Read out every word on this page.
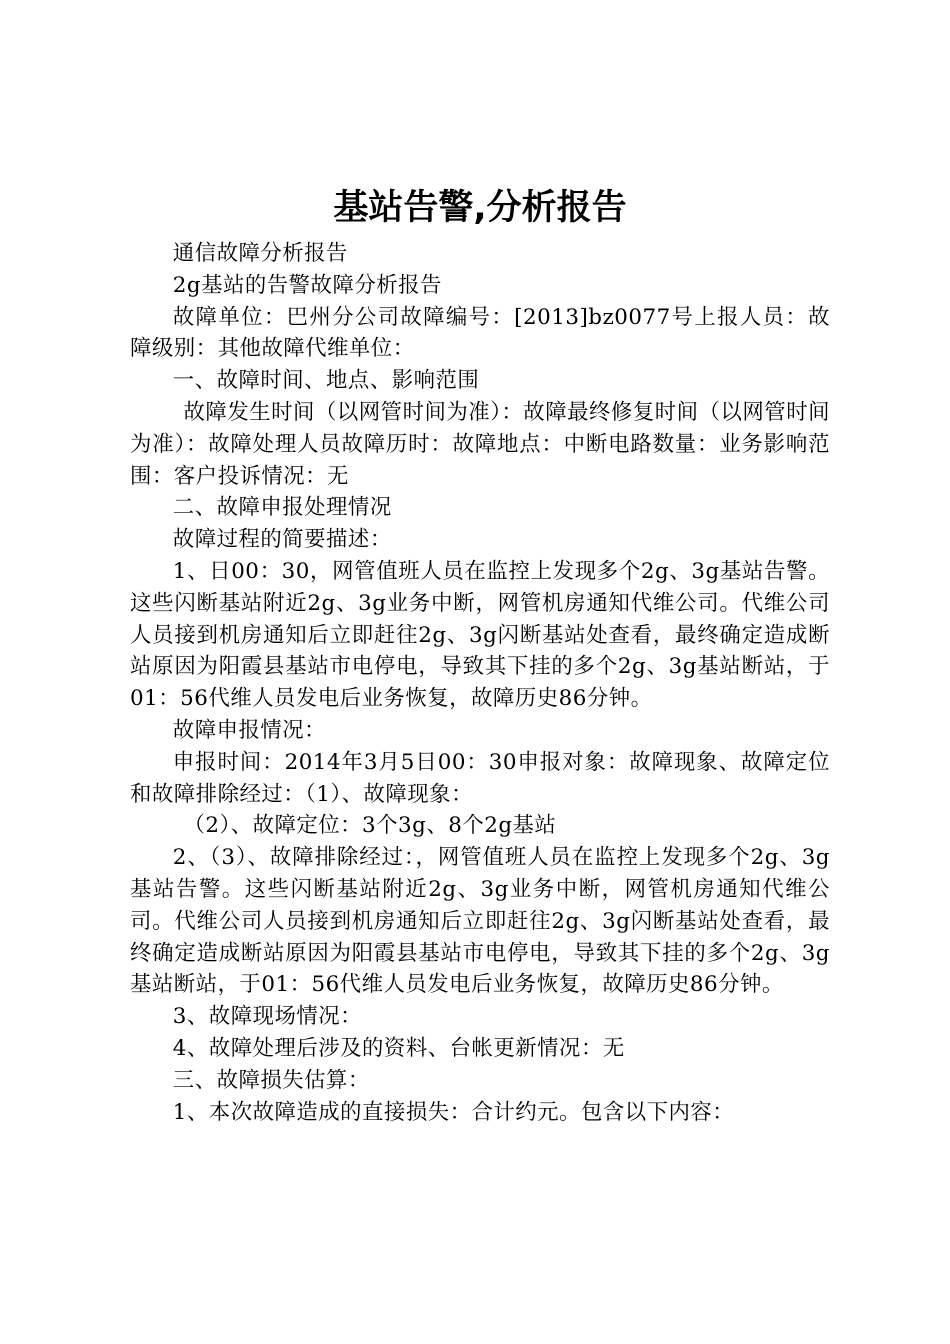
基站告警,分析报告

通信故障分析报告

2g基站的告警故障分析报告

故障单位：巴州分公司故障编号：[2013]bz0077号上报人员：故障级别：其他故障代维单位：

一、故障时间、地点、影响范围

故障发生时间（以网管时间为准）：故障最终修复时间（以网管时间为准）：故障处理人员故障历时：故障地点：中断电路数量：业务影响范围：客户投诉情况：无

二、故障申报处理情况

故障过程的简要描述：

1、日00：30，网管值班人员在监控上发现多个2g、3g基站告警。这些闪断基站附近2g、3g业务中断，网管机房通知代维公司。代维公司人员接到机房通知后立即赶往2g、3g闪断基站处查看，最终确定造成断站原因为阳霞县基站市电停电，导致其下挂的多个2g、3g基站断站，于01：56代维人员发电后业务恢复，故障历史86分钟。

故障申报情况：

申报时间：2014年3月5日00：30申报对象：故障现象、故障定位和故障排除经过：（1）、故障现象：

（2）、故障定位：3个3g、8个2g基站

2、（3）、故障排除经过：，网管值班人员在监控上发现多个2g、3g基站告警。这些闪断基站附近2g、3g业务中断，网管机房通知代维公司。代维公司人员接到机房通知后立即赶往2g、3g闪断基站处查看，最终确定造成断站原因为阳霞县基站市电停电，导致其下挂的多个2g、3g基站断站，于01：56代维人员发电后业务恢复，故障历史86分钟。

3、故障现场情况：

4、故障处理后涉及的资料、台帐更新情况：无

三、故障损失估算：

1、本次故障造成的直接损失：合计约元。包含以下内容：
